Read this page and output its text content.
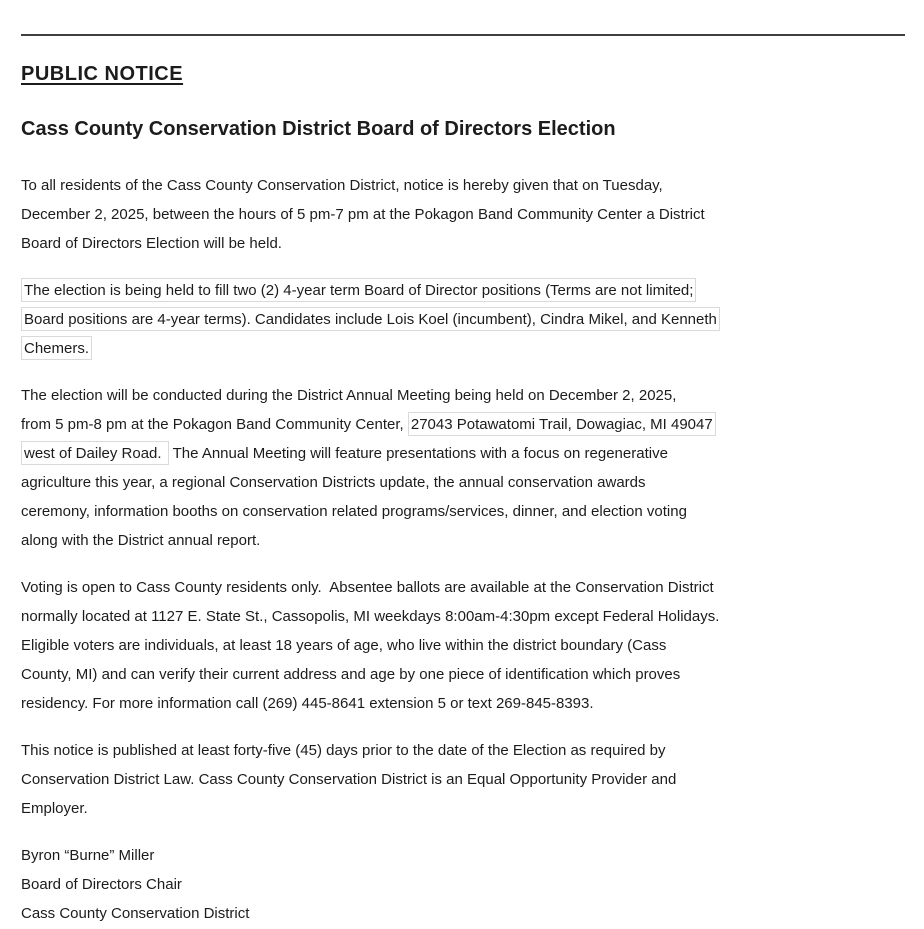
PUBLIC NOTICE
Cass County Conservation District Board of Directors Election
To all residents of the Cass County Conservation District, notice is hereby given that on Tuesday,
December 2, 2025, between the hours of 5 pm-7 pm at the Pokagon Band Community Center a District
Board of Directors Election will be held.
The election is being held to fill two (2) 4-year term Board of Director positions (Terms are not limited;
Board positions are 4-year terms). Candidates include Lois Koel (incumbent), Cindra Mikel, and Kenneth
Chemers.
The election will be conducted during the District Annual Meeting being held on December 2, 2025,
from 5 pm-8 pm at the Pokagon Band Community Center, 27043 Potawatomi Trail, Dowagiac, MI 49047
west of Dailey Road.  The Annual Meeting will feature presentations with a focus on regenerative
agriculture this year, a regional Conservation Districts update, the annual conservation awards
ceremony, information booths on conservation related programs/services, dinner, and election voting
along with the District annual report.
Voting is open to Cass County residents only.  Absentee ballots are available at the Conservation District
normally located at 1127 E. State St., Cassopolis, MI weekdays 8:00am-4:30pm except Federal Holidays.
Eligible voters are individuals, at least 18 years of age, who live within the district boundary (Cass
County, MI) and can verify their current address and age by one piece of identification which proves
residency. For more information call (269) 445-8641 extension 5 or text 269-845-8393.
This notice is published at least forty-five (45) days prior to the date of the Election as required by
Conservation District Law. Cass County Conservation District is an Equal Opportunity Provider and
Employer.
Byron “Burne” Miller
Board of Directors Chair
Cass County Conservation District
